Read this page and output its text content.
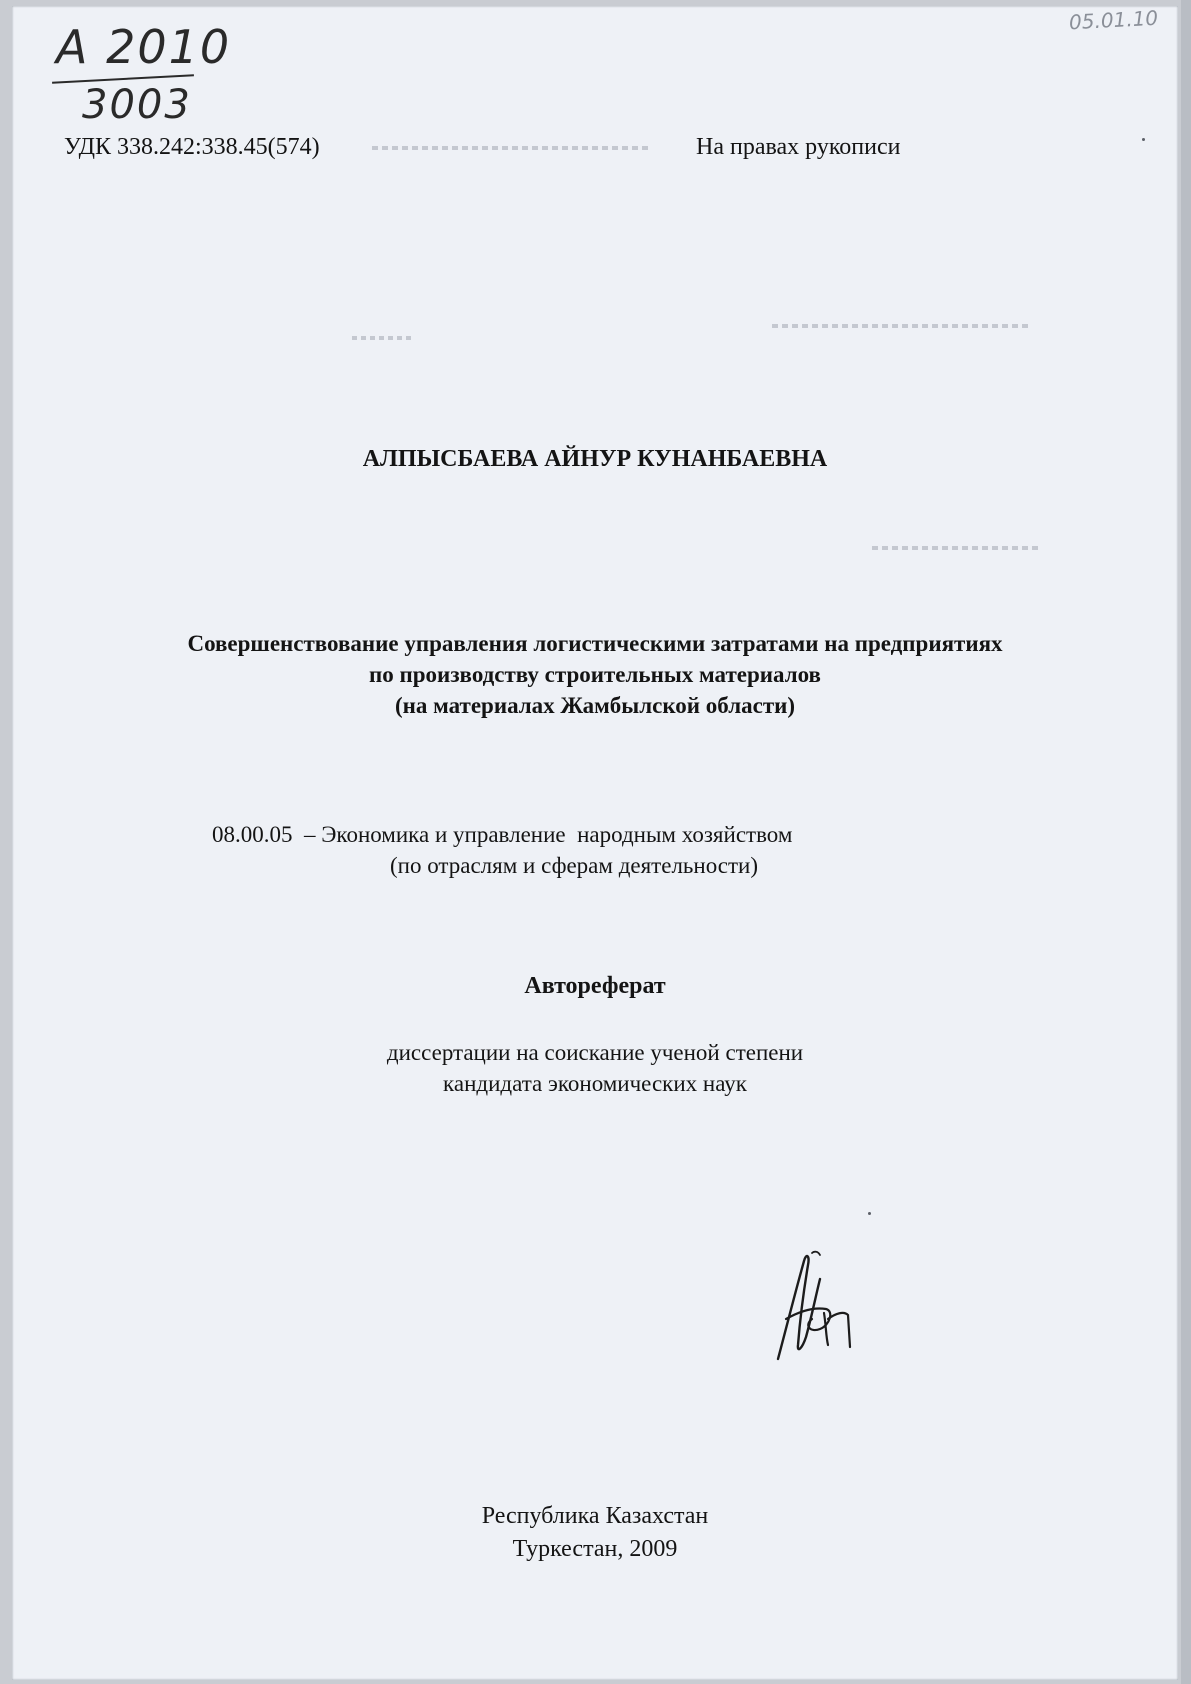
05.01.10
A 2010
3003
УДК 338.242:338.45(574)	На правах рукописи
АЛПЫСБАЕВА АЙНУР КУНАНБАЕВНА
Совершенствование управления логистическими затратами на предприятиях
по производству строительных материалов
(на материалах Жамбылской области)
08.00.05 – Экономика и управление  народным хозяйством
(по отраслям и сферам деятельности)
Автореферат
диссертации на соискание ученой степени
кандидата экономических наук
Республика Казахстан
Туркестан, 2009
